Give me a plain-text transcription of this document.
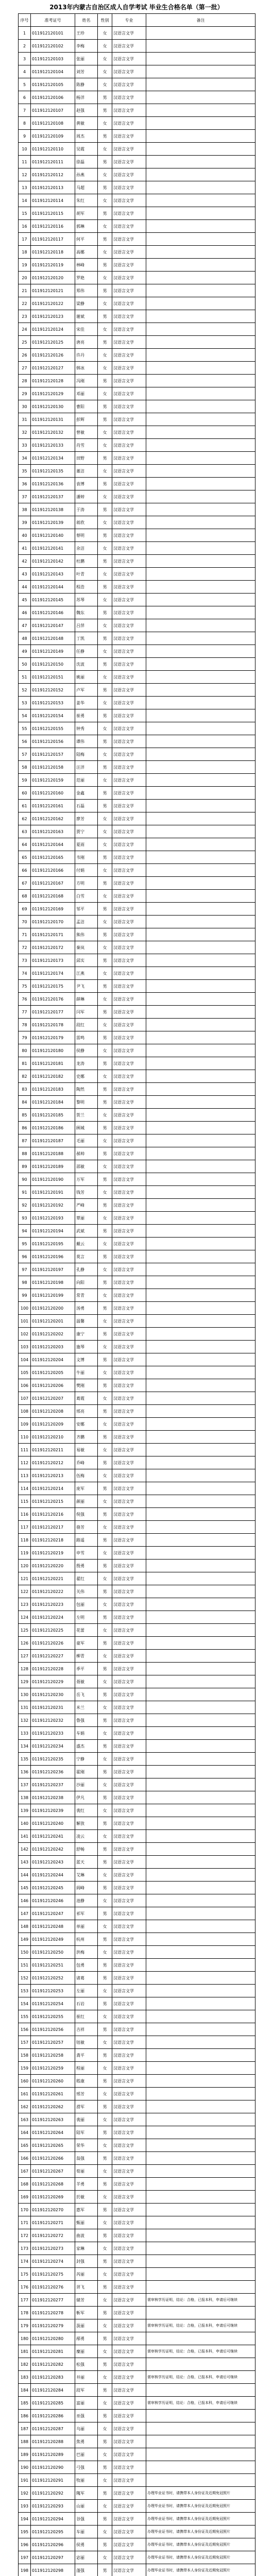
2013年内蒙古自治区成人自学考试 毕业生合格名单（第一批）
序号	准考证号	姓名	性别	专业	备注
1	011912120101	王珍	女	汉语言文学	
2	011912120102	李梅	女	汉语言文学	
3	011912120103	张丽	女	汉语言文学	
4	011912120104	刘芳	女	汉语言文学	
5	011912120105	陈静	女	汉语言文学	
6	011912120106	杨洋	男	汉语言文学	
7	011912120107	赵强	男	汉语言文学	
8	011912120108	黄敏	女	汉语言文学	
9	011912120109	周杰	男	汉语言文学	
10	011912120110	吴霞	女	汉语言文学	
11	011912120111	徐磊	男	汉语言文学	
12	011912120112	孙燕	女	汉语言文学	
13	011912120113	马超	男	汉语言文学	
14	011912120114	朱红	女	汉语言文学	
15	011912120115	胡军	男	汉语言文学	
16	011912120116	郭琳	女	汉语言文学	
17	011912120117	何平	男	汉语言文学	
18	011912120118	高娜	女	汉语言文学	
19	011912120119	林峰	男	汉语言文学	
20	011912120120	罗艳	女	汉语言文学	
21	011912120121	郑伟	男	汉语言文学	
22	011912120122	梁静	女	汉语言文学	
23	011912120123	谢斌	男	汉语言文学	
24	011912120124	宋佳	女	汉语言文学	
25	011912120125	唐亮	男	汉语言文学	
26	011912120126	许丹	女	汉语言文学	
27	011912120127	韩冰	女	汉语言文学	
28	011912120128	冯刚	男	汉语言文学	
29	011912120129	邓丽	女	汉语言文学	
30	011912120130	曹阳	男	汉语言文学	
31	011912120131	彭辉	男	汉语言文学	
32	011912120132	曾敏	女	汉语言文学	
33	011912120133	肖雪	女	汉语言文学	
34	011912120134	田野	男	汉语言文学	
35	011912120135	董洁	女	汉语言文学	
36	011912120136	袁博	男	汉语言文学	
37	011912120137	潘婷	女	汉语言文学	
38	011912120138	于涛	男	汉语言文学	
39	011912120139	蒋欣	女	汉语言文学	
40	011912120140	蔡明	男	汉语言文学	
41	011912120141	余洁	女	汉语言文学	
42	011912120142	杜鹏	男	汉语言文学	
43	011912120143	叶青	女	汉语言文学	
44	011912120144	程浩	男	汉语言文学	
45	011912120145	苏琴	女	汉语言文学	
46	011912120146	魏东	男	汉语言文学	
47	011912120147	吕萍	女	汉语言文学	
48	011912120148	丁凯	男	汉语言文学	
49	011912120149	任静	女	汉语言文学	
50	011912120150	沈波	男	汉语言文学	
51	011912120151	姚丽	女	汉语言文学	
52	011912120152	卢军	男	汉语言文学	
53	011912120153	姜华	女	汉语言文学	
54	011912120154	崔勇	男	汉语言文学	
55	011912120155	钟秀	女	汉语言文学	
56	011912120156	谭伟	男	汉语言文学	
57	011912120157	陆梅	女	汉语言文学	
58	011912120158	汪洋	男	汉语言文学	
59	011912120159	范丽	女	汉语言文学	
60	011912120160	金鑫	男	汉语言文学	
61	011912120161	石磊	男	汉语言文学	
62	011912120162	廖芳	女	汉语言文学	
63	011912120163	贾宁	女	汉语言文学	
64	011912120164	夏雨	女	汉语言文学	
65	011912120165	韦刚	男	汉语言文学	
66	011912120166	付娟	女	汉语言文学	
67	011912120167	方明	男	汉语言文学	
68	011912120168	白雪	女	汉语言文学	
69	011912120169	邹平	男	汉语言文学	
70	011912120170	孟洁	女	汉语言文学	
71	011912120171	熊伟	男	汉语言文学	
72	011912120172	秦岚	女	汉语言文学	
73	011912120173	邱实	男	汉语言文学	
74	011912120174	江燕	女	汉语言文学	
75	011912120175	尹飞	男	汉语言文学	
76	011912120176	薛琳	女	汉语言文学	
77	011912120177	闫军	男	汉语言文学	
78	011912120178	段红	女	汉语言文学	
79	011912120179	雷鸣	男	汉语言文学	
80	011912120180	侯静	女	汉语言文学	
81	011912120181	龙涛	男	汉语言文学	
82	011912120182	史娜	女	汉语言文学	
83	011912120183	陶然	男	汉语言文学	
84	011912120184	黎明	男	汉语言文学	
85	011912120185	贺兰	女	汉语言文学	
86	011912120186	顾城	男	汉语言文学	
87	011912120187	毛丽	女	汉语言文学	
88	011912120188	郝帅	男	汉语言文学	
89	011912120189	邵敏	女	汉语言文学	
90	011912120190	万军	男	汉语言文学	
91	011912120191	钱芳	女	汉语言文学	
92	011912120192	严峰	男	汉语言文学	
93	011912120193	覃丽	女	汉语言文学	
94	011912120194	武斌	男	汉语言文学	
95	011912120195	戴云	女	汉语言文学	
96	011912120196	莫言	男	汉语言文学	
97	011912120197	孔静	女	汉语言文学	
98	011912120198	向阳	男	汉语言文学	
99	011912120199	常青	女	汉语言文学	
100	011912120200	汤勇	男	汉语言文学	
101	011912120201	温馨	女	汉语言文学	
102	011912120202	康宁	男	汉语言文学	
103	011912120203	施琴	女	汉语言文学	
104	011912120204	文博	男	汉语言文学	
105	011912120205	牛丽	女	汉语言文学	
106	011912120206	樊刚	男	汉语言文学	
107	011912120207	葛霞	女	汉语言文学	
108	011912120208	邢亮	男	汉语言文学	
109	011912120209	安娜	女	汉语言文学	
110	011912120210	齐鹏	男	汉语言文学	
111	011912120211	易敏	女	汉语言文学	
112	011912120212	乔峰	男	汉语言文学	
113	011912120213	伍梅	女	汉语言文学	
114	011912120214	庞军	男	汉语言文学	
115	011912120215	颜丽	女	汉语言文学	
116	011912120216	倪强	男	汉语言文学	
117	011912120217	骆芳	女	汉语言文学	
118	011912120218	路遥	男	汉语言文学	
119	011912120219	申雪	女	汉语言文学	
120	011912120220	殷勇	男	汉语言文学	
121	011912120221	翟红	女	汉语言文学	
122	011912120222	关伟	男	汉语言文学	
123	011912120223	包丽	女	汉语言文学	
124	011912120224	左明	男	汉语言文学	
125	011912120225	花蕾	女	汉语言文学	
126	011912120226	童军	男	汉语言文学	
127	011912120227	柳青	女	汉语言文学	
128	011912120228	季平	男	汉语言文学	
129	011912120229	聂敏	女	汉语言文学	
130	011912120230	岳飞	男	汉语言文学	
131	011912120231	米兰	女	汉语言文学	
132	011912120232	鲁强	男	汉语言文学	
133	011912120233	车娟	女	汉语言文学	
134	011912120234	盛杰	男	汉语言文学	
135	011912120235	宁静	女	汉语言文学	
136	011912120236	霍刚	男	汉语言文学	
137	011912120237	沙丽	女	汉语言文学	
138	011912120238	伊凡	男	汉语言文学	
139	011912120239	裴红	女	汉语言文学	
140	011912120240	解放	男	汉语言文学	
141	011912120241	凌云	女	汉语言文学	
142	011912120242	舒畅	男	汉语言文学	
143	011912120243	蓝天	男	汉语言文学	
144	011912120244	艾琳	女	汉语言文学	
145	011912120245	阎峰	男	汉语言文学	
146	011912120246	池静	女	汉语言文学	
147	011912120247	祁军	男	汉语言文学	
148	011912120248	单丽	女	汉语言文学	
149	011912120249	杭州	男	汉语言文学	
150	011912120250	洪梅	女	汉语言文学	
151	011912120251	包勇	男	汉语言文学	
152	011912120252	诸葛	男	汉语言文学	
153	011912120253	左丽	女	汉语言文学	
154	011912120254	石岩	男	汉语言文学	
155	011912120255	崔红	女	汉语言文学	
156	011912120256	吉祥	男	汉语言文学	
157	011912120257	钮敏	女	汉语言文学	
158	011912120258	龚平	男	汉语言文学	
159	011912120259	程丽	女	汉语言文学	
160	011912120260	嵇康	男	汉语言文学	
161	011912120261	邢芳	女	汉语言文学	
162	011912120262	滑军	男	汉语言文学	
163	011912120263	裴丽	女	汉语言文学	
164	011912120264	陆军	男	汉语言文学	
165	011912120265	荣华	女	汉语言文学	
166	011912120266	翁强	男	汉语言文学	
167	011912120267	荀丽	女	汉语言文学	
168	011912120268	羊勇	男	汉语言文学	
169	011912120269	於敏	女	汉语言文学	
170	011912120270	惠军	男	汉语言文学	
171	011912120271	甄丽	女	汉语言文学	
172	011912120272	曲波	男	汉语言文学	
173	011912120273	家琳	女	汉语言文学	
174	011912120274	封强	男	汉语言文学	
175	011912120275	芮丽	女	汉语言文学	
176	011912120276	羿飞	男	汉语言文学	
177	011912120277	储芳	女	汉语言文学	需审核学历证明，结论：合格，已报本科，申请后可继续
178	011912120278	靳军	男	汉语言文学	
179	011912120279	汲丽	女	汉语言文学	需审核学历证明，结论：合格，已报本科，申请后可继续
180	011912120280	邴勇	男	汉语言文学	
181	011912120281	糜丽	女	汉语言文学	需审核学历证明，结论：合格，已报本科，申请后可继续
182	011912120282	松强	男	汉语言文学	
183	011912120283	井丽	女	汉语言文学	需审核学历证明，结论：合格，已报本科，申请后可继续
184	011912120284	段军	男	汉语言文学	
185	011912120285	富丽	女	汉语言文学	需审核学历证明，结论：合格，已报本科，申请后可继续
186	011912120286	巫强	男	汉语言文学	
187	011912120287	乌丽	女	汉语言文学	
188	011912120288	焦勇	男	汉语言文学	
189	011912120289	巴丽	女	汉语言文学	
190	011912120290	弓强	男	汉语言文学	
191	011912120291	牧丽	女	汉语言文学	
192	011912120292	隗军	男	汉语言文学	办理毕业证书时，请携带本人身份证及近期免冠照片
193	011912120293	山丽	女	汉语言文学	办理毕业证书时，请携带本人身份证及近期免冠照片
194	011912120294	谷强	男	汉语言文学	办理毕业证书时，请携带本人身份证及近期免冠照片
195	011912120295	车丽	女	汉语言文学	办理毕业证书时，请携带本人身份证及近期免冠照片
196	011912120296	侯勇	男	汉语言文学	办理毕业证书时，请携带本人身份证及近期免冠照片
197	011912120297	宓丽	女	汉语言文学	办理毕业证书时，请携带本人身份证及近期免冠照片
198	011912120298	蓬强	男	汉语言文学	办理毕业证书时，请携带本人身份证及近期免冠照片
